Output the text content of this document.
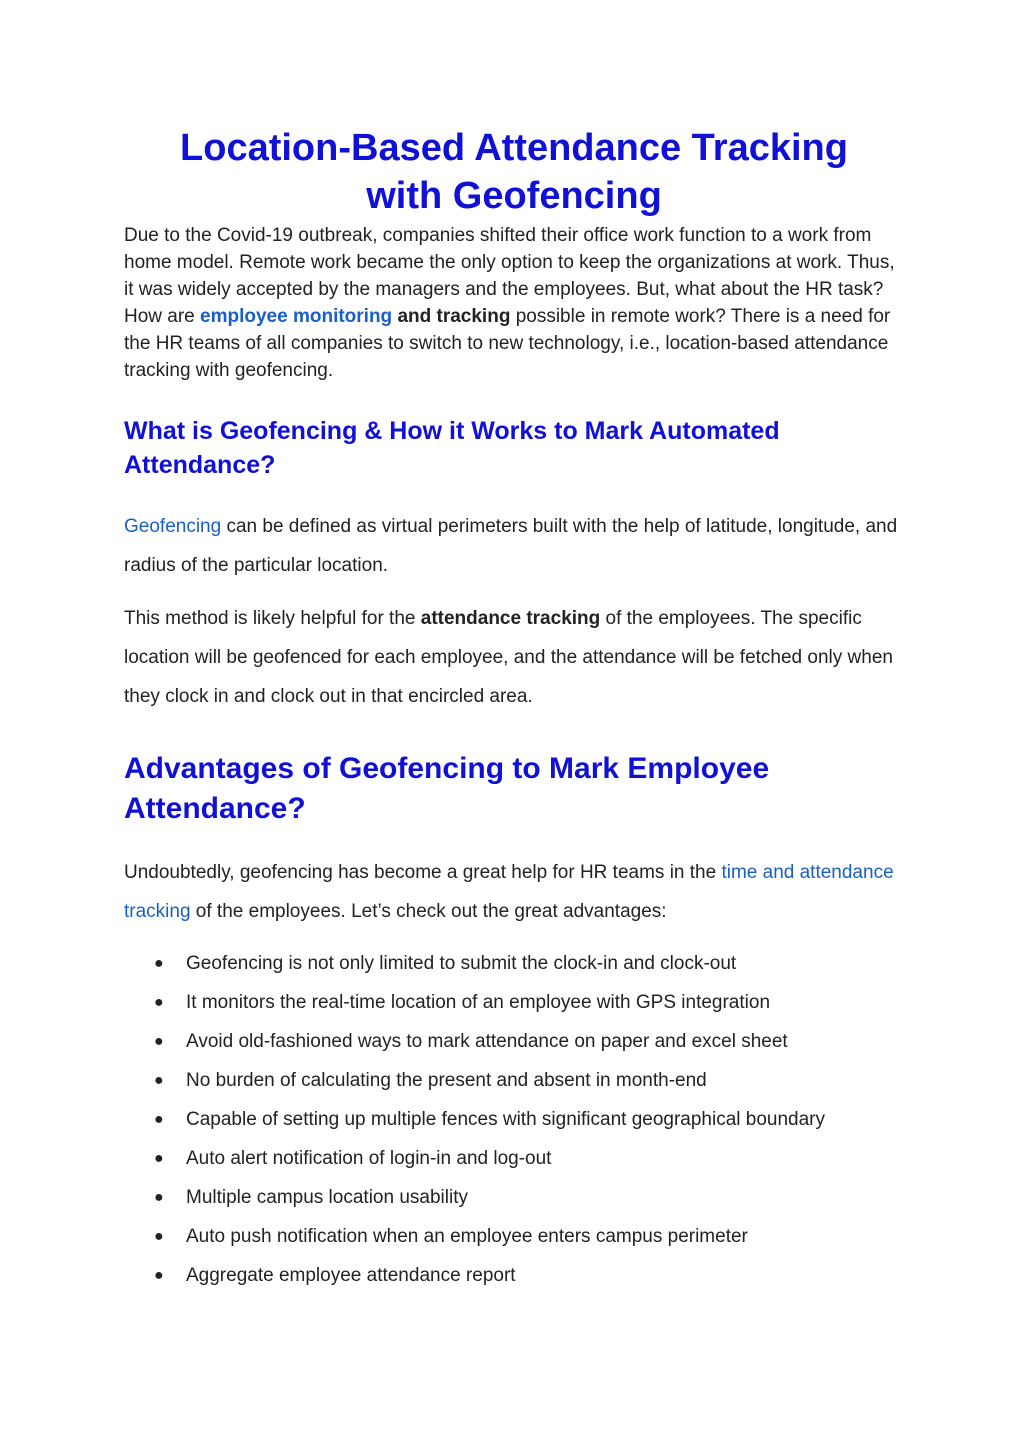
Location-Based Attendance Tracking
with Geofencing

Due to the Covid-19 outbreak, companies shifted their office work function to a work from home model. Remote work became the only option to keep the organizations at work. Thus, it was widely accepted by the managers and the employees. But, what about the HR task? How are employee monitoring and tracking possible in remote work? There is a need for the HR teams of all companies to switch to new technology, i.e., location-based attendance tracking with geofencing.

What is Geofencing & How it Works to Mark Automated Attendance?

Geofencing can be defined as virtual perimeters built with the help of latitude, longitude, and radius of the particular location.

This method is likely helpful for the attendance tracking of the employees. The specific location will be geofenced for each employee, and the attendance will be fetched only when they clock in and clock out in that encircled area.

Advantages of Geofencing to Mark Employee Attendance?

Undoubtedly, geofencing has become a great help for HR teams in the time and attendance tracking of the employees. Let’s check out the great advantages:

● Geofencing is not only limited to submit the clock-in and clock-out
● It monitors the real-time location of an employee with GPS integration
● Avoid old-fashioned ways to mark attendance on paper and excel sheet
● No burden of calculating the present and absent in month-end
● Capable of setting up multiple fences with significant geographical boundary
● Auto alert notification of login-in and log-out
● Multiple campus location usability
● Auto push notification when an employee enters campus perimeter
● Aggregate employee attendance report
